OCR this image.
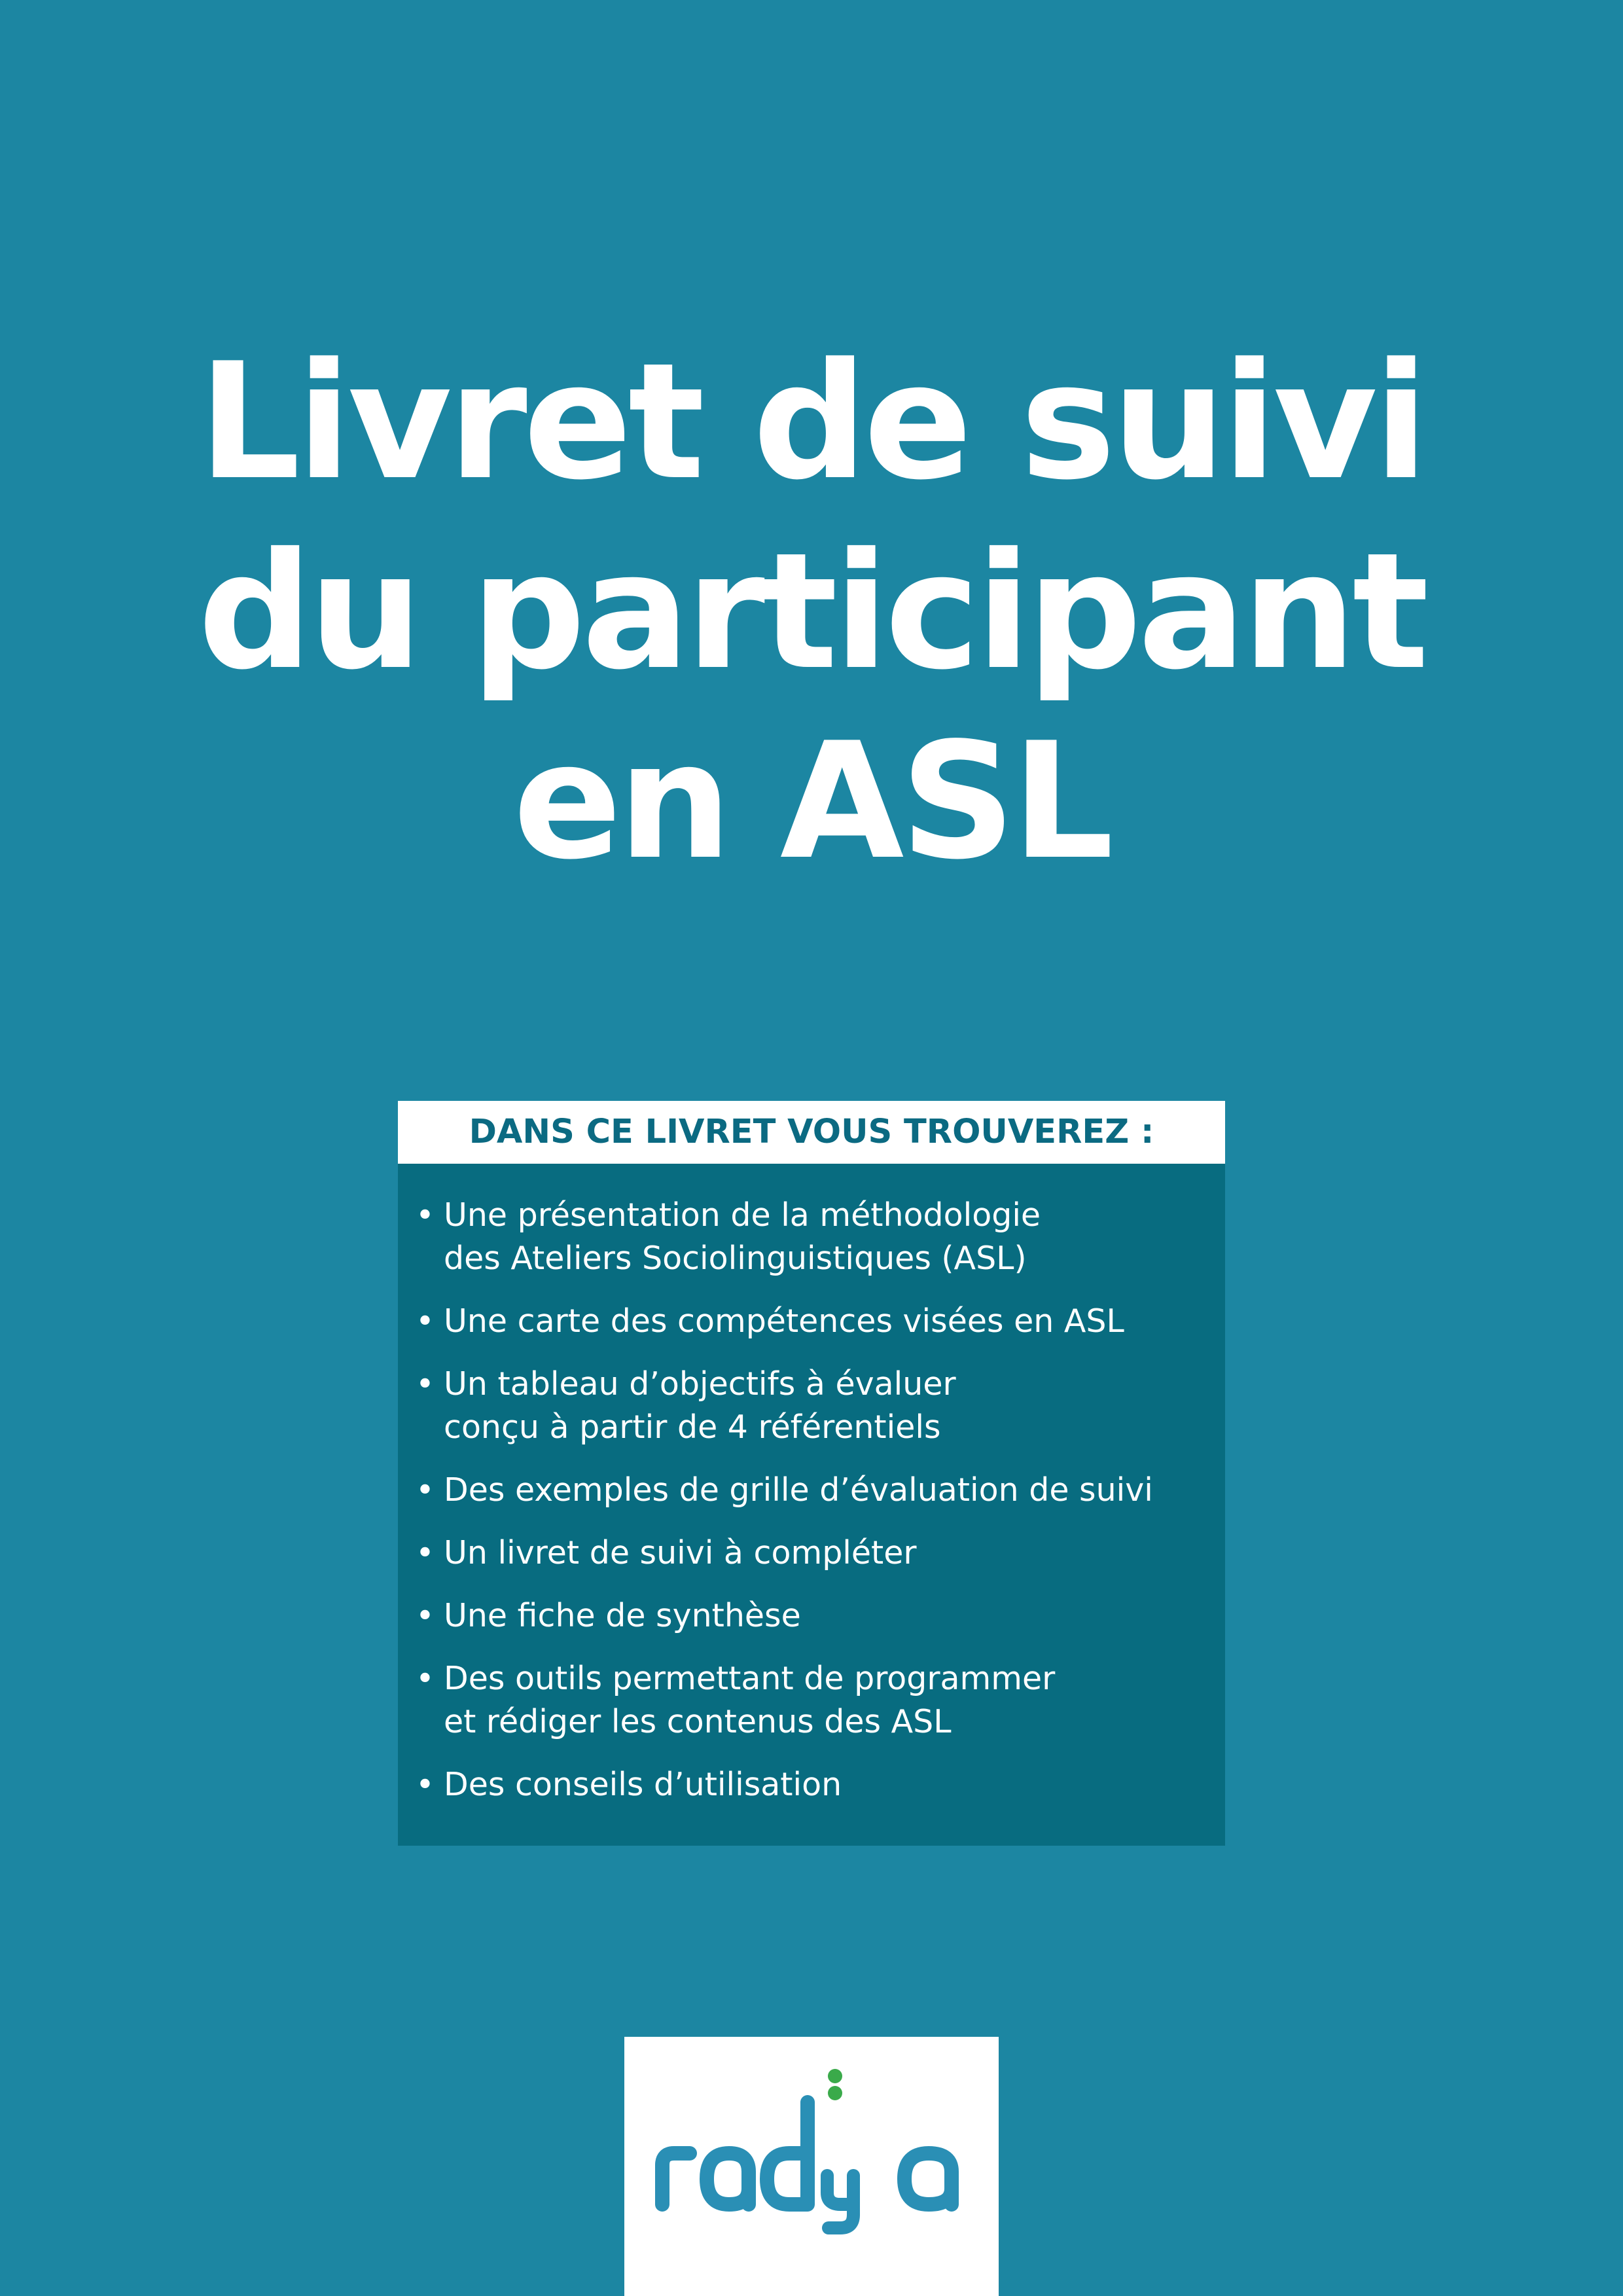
Livret de suivi
du participant
en ASL
DANS CE LIVRET VOUS TROUVEREZ :
• Une présentation de la méthodologie
des Ateliers Sociolinguistiques (ASL)
• Une carte des compétences visées en ASL
• Un tableau d’objectifs à évaluer
conçu à partir de 4 référentiels
• Des exemples de grille d’évaluation de suivi
• Un livret de suivi à compléter
• Une fiche de synthèse
• Des outils permettant de programmer
et rédiger les contenus des ASL
• Des conseils d’utilisation
